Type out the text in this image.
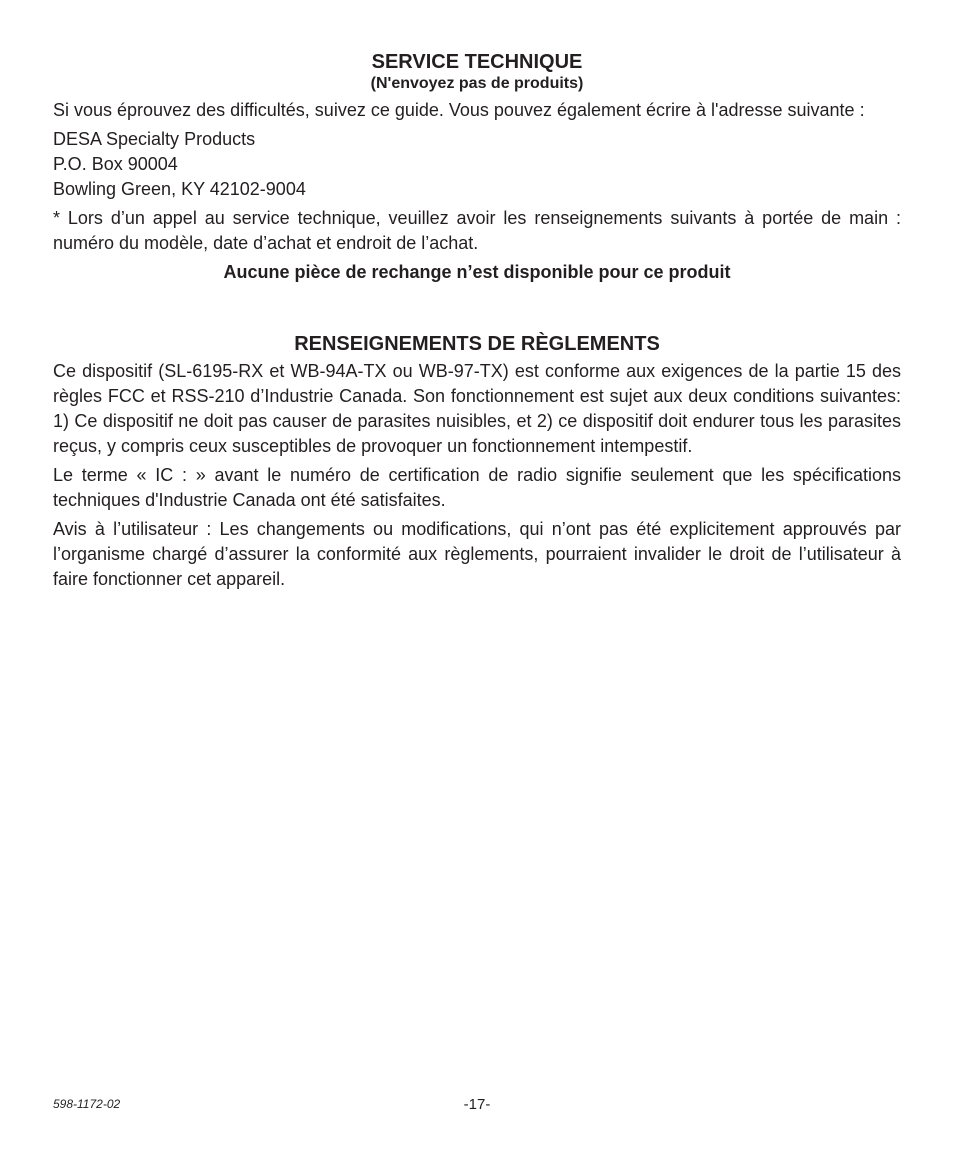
SERVICE TECHNIQUE

(N'envoyez pas de produits)

Si vous éprouvez des difficultés, suivez ce guide. Vous pouvez également écrire à l'adresse suivante :

DESA Specialty Products
P.O. Box 90004
Bowling Green, KY 42102-9004

* Lors d’un appel au service technique, veuillez avoir les renseignements suivants à portée de main : numéro du modèle, date d’achat et endroit de l’achat.

Aucune pièce de rechange n’est disponible pour ce produit

RENSEIGNEMENTS DE RÈGLEMENTS

Ce dispositif (SL-6195-RX et WB-94A-TX ou WB-97-TX) est conforme aux exigences de la partie 15 des règles FCC et RSS-210 d’Industrie Canada. Son fonctionnement est sujet aux deux conditions suivantes: 1) Ce dispositif ne doit pas causer de parasites nuisibles, et 2) ce dispositif doit endurer tous les parasites reçus, y compris ceux susceptibles de provoquer un fonctionnement intempestif.

Le terme « IC : » avant le numéro de certification de radio signifie seulement que les spécifications techniques d'Industrie Canada ont été satisfaites.

Avis à l’utilisateur : Les changements ou modifications, qui n’ont pas été explicitement approuvés par l’organisme chargé d’assurer la conformité aux règlements, pourraient invalider le droit de l’utilisateur à faire fonctionner cet appareil.

598-1172-02	-17-
